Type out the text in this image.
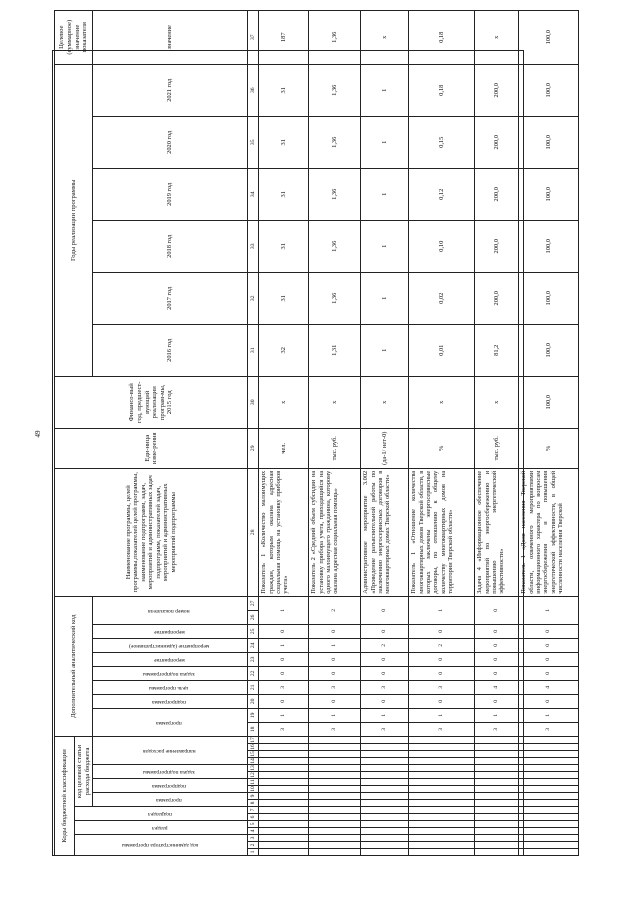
49
Коды бюджетной классификации																	Дополнительный аналитический код										Наименование программы, целей программы,показателей целей программы, наименование подпрограмм, задач, мероприятий и административных задач подпрограмм, показателей задач, мероприятий и административных мероприятий подпрограммы	Еди-ница изме-рения	Финансо-вый год, предшест-вующий реализации програм-мы, 2015 год	Годы реализации программы						Целевое (суммарное) значение показателя
код администратора программы			раздел		подраздел		код целевой статьи расхода бюджета																													
							программа		подпрограмма		задача подпрограммы		направление расходов				программа		подпрограмма	цель программы	задача подпрограммы	мероприятие	мероприятие (административное)	мероприятие	номер показателя					2016 год	2017 год	2018 год	2019 год	2020 год	2021 год	значение
1	2	3	4	5	6	7	8	9	10	11	12	13	14	15	16	17	18	19	20	21	22	23	24	25	26	27	28	29	30	31	32	33	34	35	36	37
																	3	1	0	3	0	0	1	0	1		Показатель 1 «Количество малоимущих граждан, которым оказана адресная социальная помощь на установку приборов учета»	чел.	х	32	31	31	31	31	31	187
																	3	1	0	3	0	0	1	0	2		Показатель 2 «Средний объем субсидии на установку прибора учета, приходящийся на одного малоимущего гражданина, которому оказана адресная социальная помощь»	тыс. руб.	х	1,31	1,36	1,36	1,36	1,36	1,36	1,36
																	3	1	0	3	0	0	2	0	0		Административное мероприятие 3.002 «Проведение разъяснительной работы по заключению энергосервисных договоров в многоквартирных домах Тверской области»	(да-1/ нет-0)	х	1	1	1	1	1	1	х
																	3	1	0	3	0	0	2	0	1		Показатель 1 «Отношение количества многоквартирных домов Тверской области, в которых заключены энергосервисные договоры, по отношению к общему количеству многоквартирных домов на территории Тверской области»	%	х	0,01	0,02	0,10	0,12	0,15	0,18	0,18
																	3	1	0	4	0	0	0	0	0		Задача 4 «Информационное обеспечение мероприятий по энергосбережению и повышению энергетической эффективности»	тыс. руб.	х	81,2	200,0	200,0	200,0	200,0	200,0	х
																	3	1	0	4	0	0	0	0	1		Показатель 1 «Доля населения Тверской области, охваченного мероприятиями информационного характера по вопросам энергосбережения и повышения энергетической эффективности, в общей численности населения Тверской	%	100,0	100,0	100,0	100,0	100,0	100,0	100,0	100,0
